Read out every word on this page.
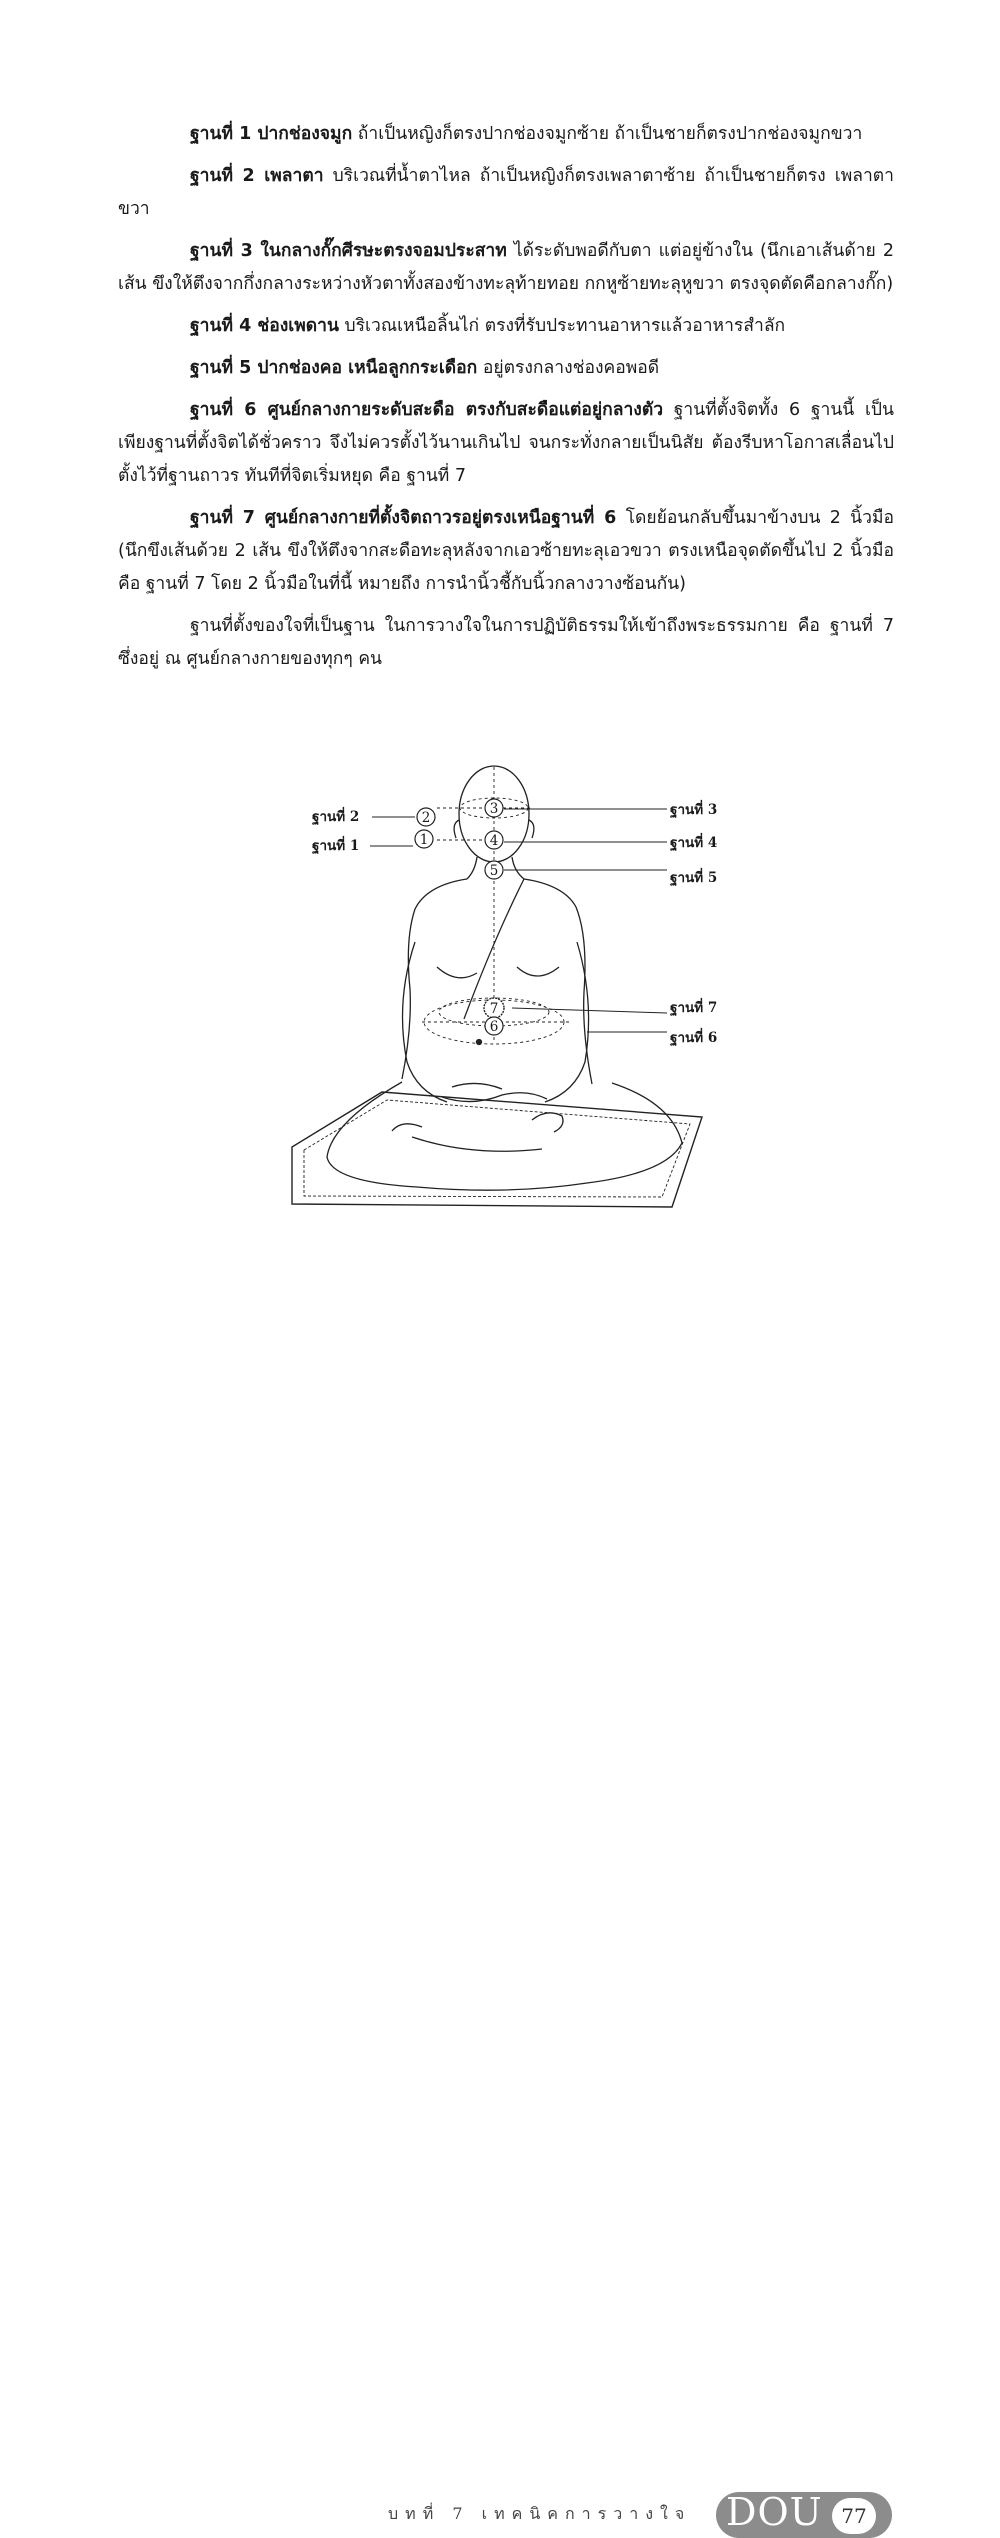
ฐานที่ 1 ปากช่องจมูก ถ้าเป็นหญิงก็ตรงปากช่องจมูกซ้าย ถ้าเป็นชายก็ตรงปากช่องจมูกขวา

ฐานที่ 2 เพลาตา บริเวณที่น้ำตาไหล ถ้าเป็นหญิงก็ตรงเพลาตาซ้าย ถ้าเป็นชายก็ตรง เพลาตาขวา

ฐานที่ 3 ในกลางกั๊กศีรษะตรงจอมประสาท ได้ระดับพอดีกับตา แต่อยู่ข้างใน (นึกเอาเส้นด้าย 2 เส้น ขึงให้ตึงจากกึ่งกลางระหว่างหัวตาทั้งสองข้างทะลุท้ายทอย กกหูซ้ายทะลุหูขวา ตรงจุดตัดคือกลางกั๊ก)

ฐานที่ 4 ช่องเพดาน บริเวณเหนือลิ้นไก่ ตรงที่รับประทานอาหารแล้วอาหารสำลัก

ฐานที่ 5 ปากช่องคอ เหนือลูกกระเดือก อยู่ตรงกลางช่องคอพอดี

ฐานที่ 6 ศูนย์กลางกายระดับสะดือ ตรงกับสะดือแต่อยู่กลางตัว ฐานที่ตั้งจิตทั้ง 6 ฐานนี้ เป็นเพียงฐานที่ตั้งจิตได้ชั่วคราว จึงไม่ควรตั้งไว้นานเกินไป จนกระทั่งกลายเป็นนิสัย ต้องรีบหาโอกาสเลื่อนไปตั้งไว้ที่ฐานถาวร ทันทีที่จิตเริ่มหยุด คือ ฐานที่ 7

ฐานที่ 7 ศูนย์กลางกายที่ตั้งจิตถาวรอยู่ตรงเหนือฐานที่ 6 โดยย้อนกลับขึ้นมาข้างบน 2 นิ้วมือ (นึกขึงเส้นด้วย 2 เส้น ขึงให้ตึงจากสะดือทะลุหลังจากเอวซ้ายทะลุเอวขวา ตรงเหนือจุดตัดขึ้นไป 2 นิ้วมือ คือ ฐานที่ 7 โดย 2 นิ้วมือในที่นี้ หมายถึง การนำนิ้วชี้กับนิ้วกลางวางซ้อนกัน)

ฐานที่ตั้งของใจที่เป็นฐาน ในการวางใจในการปฏิบัติธรรมให้เข้าถึงพระธรรมกาย คือ ฐานที่ 7 ซึ่งอยู่ ณ ศูนย์กลางกายของทุกๆ คน

2
1
3
4
5
7
6
ฐานที่ 2
ฐานที่ 1
ฐานที่ 3
ฐานที่ 4
ฐานที่ 5
ฐานที่ 7
ฐานที่ 6
บทที่ 7 เทคนิคการวางใจ DOU 77
